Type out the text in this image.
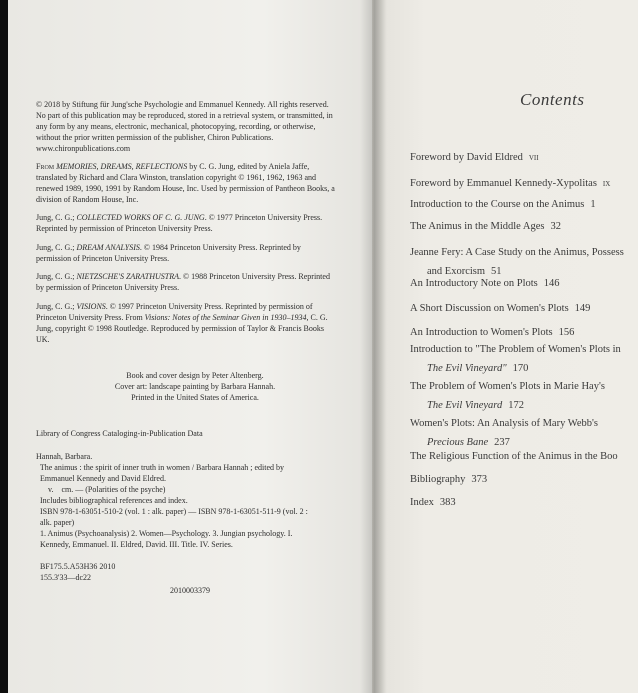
© 2018 by Stiftung für Jung'sche Psychologie and Emmanuel Kennedy. All rights reserved. No part of this publication may be reproduced, stored in a retrieval system, or transmitted, in any form by any means, electronic, mechanical, photocopying, recording, or otherwise, without the prior written permission of the publisher, Chiron Publications. www.chironpublications.com
From MEMORIES, DREAMS, REFLECTIONS by C. G. Jung, edited by Aniela Jaffe, translated by Richard and Clara Winston, translation copyright © 1961, 1962, 1963 and renewed 1989, 1990, 1991 by Random House, Inc. Used by permission of Pantheon Books, a division of Random House, Inc.
Jung, C. G.; COLLECTED WORKS OF C. G. JUNG. © 1977 Princeton University Press. Reprinted by permission of Princeton University Press.
Jung, C. G.; DREAM ANALYSIS. © 1984 Princeton University Press. Reprinted by permission of Princeton University Press.
Jung, C. G.; NIETZSCHE'S ZARATHUSTRA. © 1988 Princeton University Press. Reprinted by permission of Princeton University Press.
Jung, C. G.; VISIONS. © 1997 Princeton University Press. Reprinted by permission of Princeton University Press. From Visions: Notes of the Seminar Given in 1930–1934, C. G. Jung, copyright © 1998 Routledge. Reproduced by permission of Taylor & Francis Books UK.
Book and cover design by Peter Altenberg.
Cover art: landscape painting by Barbara Hannah.
Printed in the United States of America.
Library of Congress Cataloging-in-Publication Data
Hannah, Barbara.
The animus : the spirit of inner truth in women / Barbara Hannah ; edited by
Emmanuel Kennedy and David Eldred.
v.    cm. — (Polarities of the psyche)
Includes bibliographical references and index.
ISBN 978-1-63051-510-2 (vol. 1 : alk. paper) — ISBN 978-1-63051-511-9 (vol. 2 :
alk. paper)
1. Animus (Psychoanalysis) 2. Women—Psychology. 3. Jungian psychology. I.
Kennedy, Emmanuel. II. Eldred, David. III. Title. IV. Series.
BF175.5.A53H36 2010
155.3'33—dc22
2010003379
Contents
Foreword by David Eldred vii
Foreword by Emmanuel Kennedy-Xypolitas ix
Introduction to the Course on the Animus 1
The Animus in the Middle Ages 32
Jeanne Fery: A Case Study on the Animus, Possess
and Exorcism 51
An Introductory Note on Plots 146
A Short Discussion on Women's Plots 149
An Introduction to Women's Plots 156
Introduction to "The Problem of Women's Plots in
The Evil Vineyard" 170
The Problem of Women's Plots in Marie Hay's
The Evil Vineyard 172
Women's Plots: An Analysis of Mary Webb's
Precious Bane 237
The Religious Function of the Animus in the Boo
Bibliography 373
Index 383
